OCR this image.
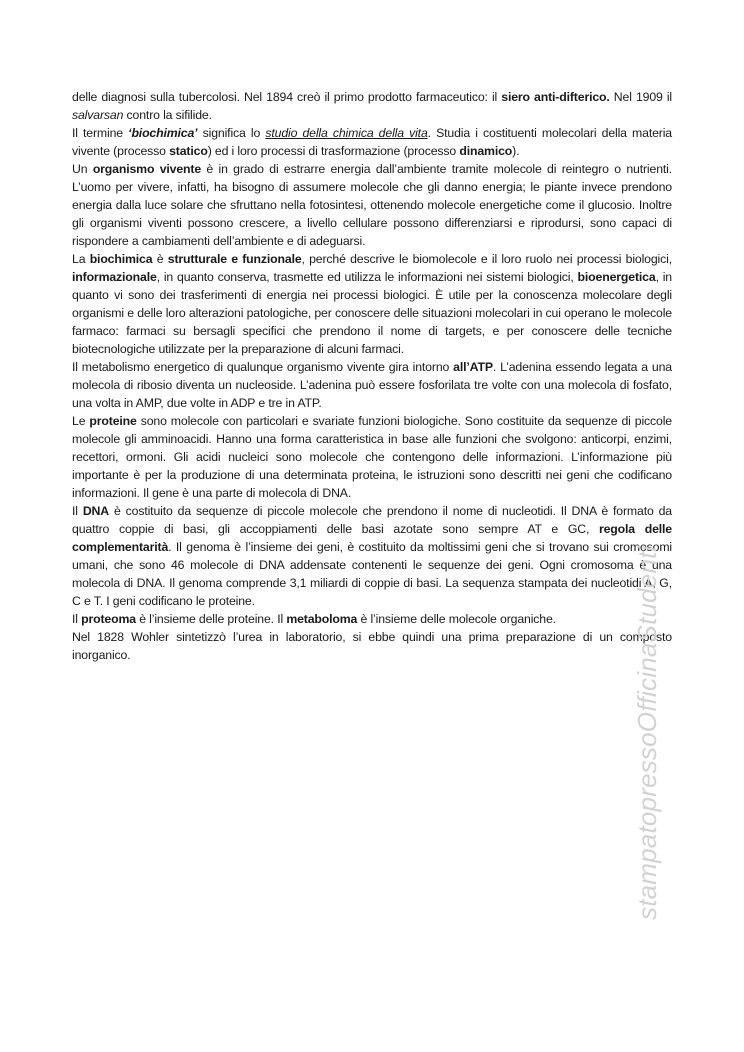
delle diagnosi sulla tubercolosi. Nel 1894 creò il primo prodotto farmaceutico: il siero anti-difterico. Nel 1909 il salvarsan contro la sifilide.

Il termine ‘biochimica’ significa lo studio della chimica della vita. Studia i costituenti molecolari della materia vivente (processo statico) ed i loro processi di trasformazione (processo dinamico).

Un organismo vivente è in grado di estrarre energia dall’ambiente tramite molecole di reintegro o nutrienti. L’uomo per vivere, infatti, ha bisogno di assumere molecole che gli danno energia; le piante invece prendono energia dalla luce solare che sfruttano nella fotosintesi, ottenendo molecole energetiche come il glucosio. Inoltre gli organismi viventi possono crescere, a livello cellulare possono differenziarsi e riprodursi, sono capaci di rispondere a cambiamenti dell’ambiente e di adeguarsi.

La biochimica è strutturale e funzionale, perché descrive le biomolecole e il loro ruolo nei processi biologici, informazionale, in quanto conserva, trasmette ed utilizza le informazioni nei sistemi biologici, bioenergetica, in quanto vi sono dei trasferimenti di energia nei processi biologici. È utile per la conoscenza molecolare degli organismi e delle loro alterazioni patologiche, per conoscere delle situazioni molecolari in cui operano le molecole farmaco: farmaci su bersagli specifici che prendono il nome di targets, e per conoscere delle tecniche biotecnologiche utilizzate per la preparazione di alcuni farmaci.

Il metabolismo energetico di qualunque organismo vivente gira intorno all’ATP. L’adenina essendo legata a una molecola di ribosio diventa un nucleoside. L’adenina può essere fosforilata tre volte con una molecola di fosfato, una volta in AMP, due volte in ADP e tre in ATP.

Le proteine sono molecole con particolari e svariate funzioni biologiche. Sono costituite da sequenze di piccole molecole gli amminoacidi. Hanno una forma caratteristica in base alle funzioni che svolgono: anticorpi, enzimi, recettori, ormoni. Gli acidi nucleici sono molecole che contengono delle informazioni. L’informazione più importante è per la produzione di una determinata proteina, le istruzioni sono descritti nei geni che codificano informazioni. Il gene è una parte di molecola di DNA.

Il DNA è costituito da sequenze di piccole molecole che prendono il nome di nucleotidi. Il DNA è formato da quattro coppie di basi, gli accoppiamenti delle basi azotate sono sempre AT e GC, regola delle complementarità. Il genoma è l’insieme dei geni, è costituito da moltissimi geni che si trovano sui cromosomi umani, che sono 46 molecole di DNA addensate contenenti le sequenze dei geni. Ogni cromosoma è una molecola di DNA. Il genoma comprende 3,1 miliardi di coppie di basi. La sequenza stampata dei nucleotidi A, G, C e T. I geni codificano le proteine.

Il proteoma è l’insieme delle proteine. Il metaboloma è l’insieme delle molecole organiche.

Nel 1828 Wohler sintetizzò l’urea in laboratorio, si ebbe quindi una prima preparazione di un composto inorganico.	stampatopressoOfficinaStudenti
